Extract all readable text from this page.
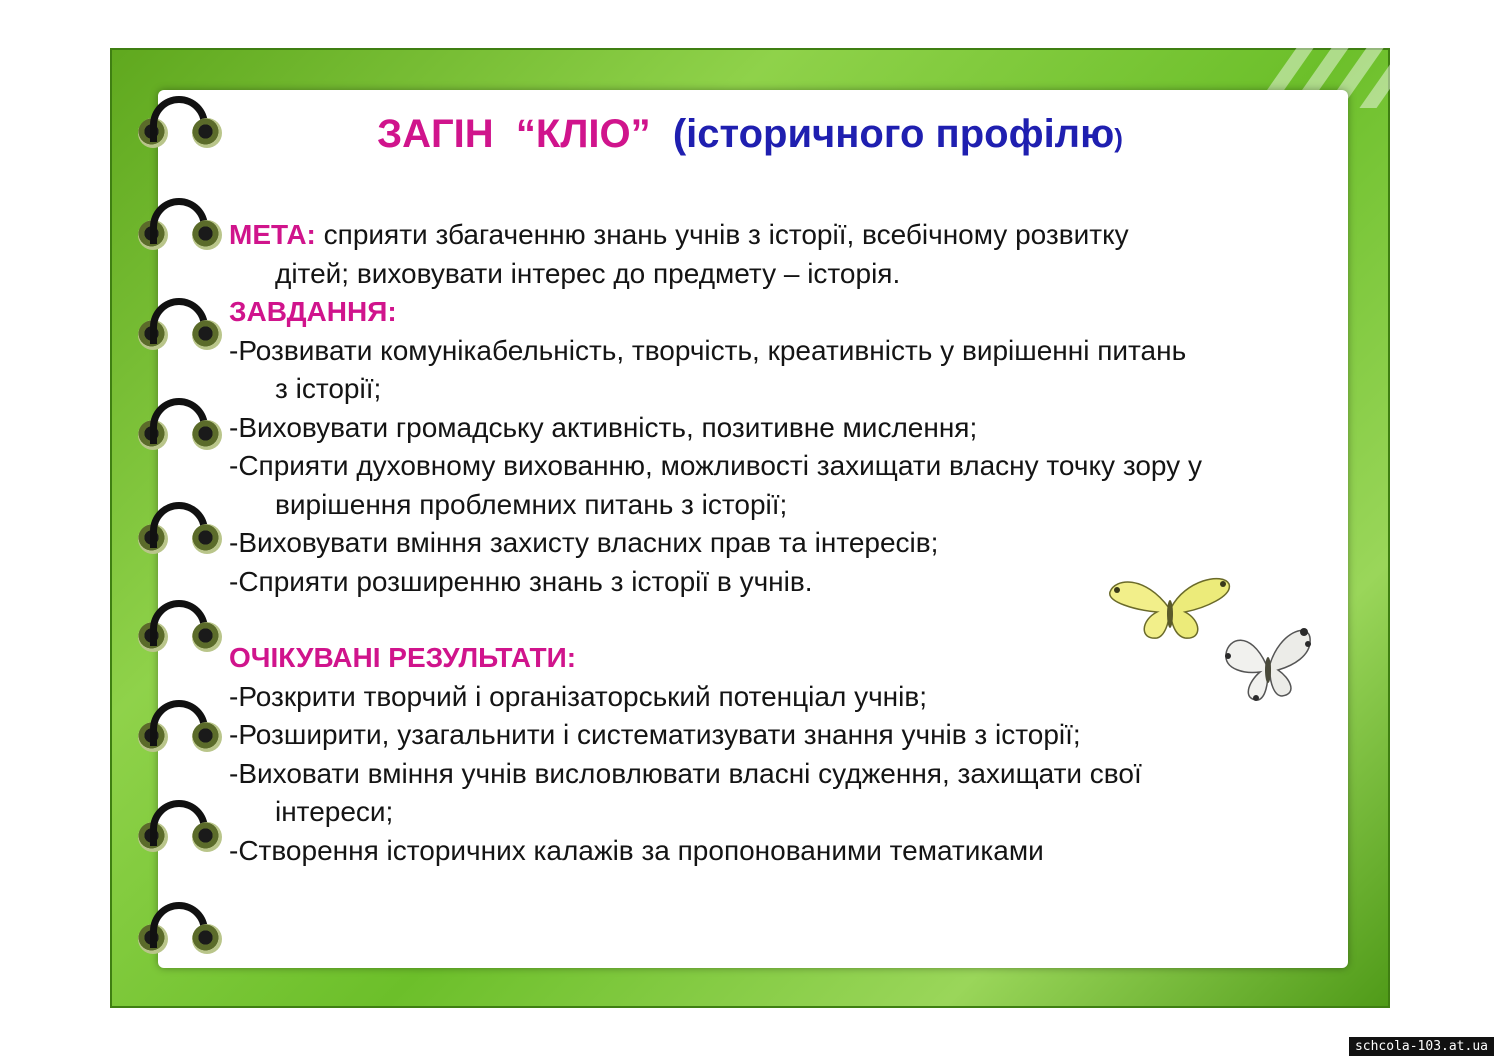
ЗАГІН  “КЛІО”  (історичного профілю)
МЕТА: сприяти збагаченню знань учнів з історії, всебічному розвитку
дітей; виховувати інтерес до предмету – історія.
ЗАВДАННЯ:
-Розвивати комунікабельність, творчість, креативність у вирішенні питань
з історії;
-Виховувати громадську активність, позитивне мислення;
-Сприяти духовному вихованню, можливості захищати власну точку зору у
вирішення проблемних питань з історії;
-Виховувати вміння захисту власних прав та інтересів;
-Сприяти розширенню знань з історії в учнів.
ОЧІКУВАНІ РЕЗУЛЬТАТИ:
-Розкрити творчий і організаторський потенціал учнів;
-Розширити, узагальнити і систематизувати знання учнів з історії;
-Виховати вміння учнів висловлювати власні судження, захищати свої
інтереси;
-Створення історичних калажів за пропонованими тематиками
schcola-103.at.ua
